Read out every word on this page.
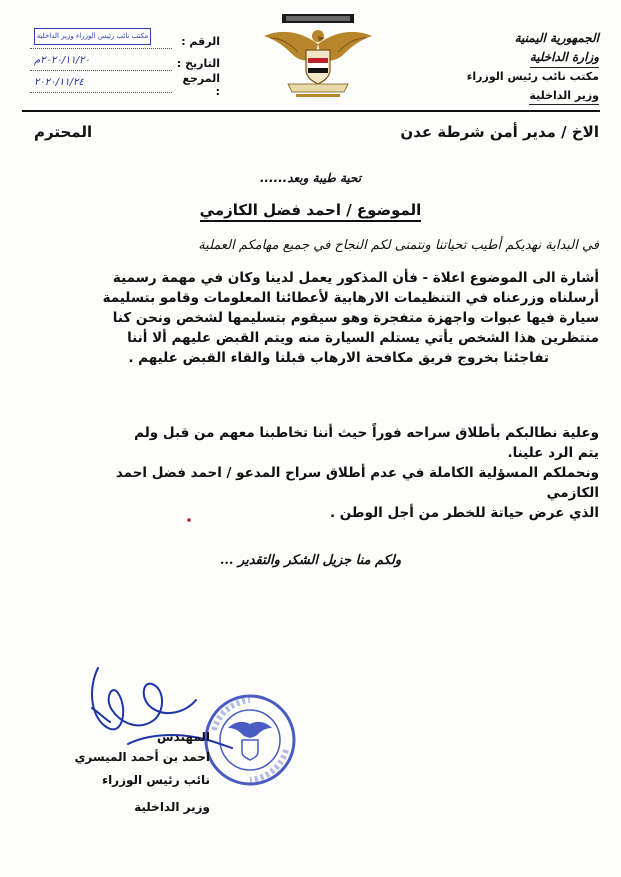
الجمهورية اليمنية
وزارة الداخلية
مكتب نائب رئيس الوزراء
وزير الداخلية
الرقم :
التاريخ :
٢٠٢٠/١١/٢٠م
المرجع :
٢٠٢٠/١١/٢٤
مكتب نائب رئيس الوزراء وزير الداخلية
الاخ / مدير أمن شرطة عدن
المحترم
تحية طيبة وبعد......
الموضوع / احمد فضل الكازمي
في البداية نهديكم أطيب تحياتنا ونتمنى لكم النجاح في جميع مهامكم العملية
أشارة الى الموضوع اعلاة - فأن المذكور يعمل لدينا وكان في مهمة رسمية
أرسلناه وزرعناه في التنظيمات الارهابية لأعطائنا المعلومات وقامو بتسليمة
سيارة فيها عبوات واجهزة متفجرة وهو سيقوم بتسليمها لشخص ونحن كنا
منتظرين هذا الشخص يأتي يستلم السيارة منه ويتم القبض عليهم ألا أننا
تفاجئنا بخروج فريق مكافحة الارهاب قبلنا والقاء القبض عليهم .
وعلية نطالبكم بأطلاق سراحه فوراً حيث أننا تخاطبنا معهم من قبل ولم
يتم الرد علينا.
ونحملكم المسؤلية الكاملة في عدم أطلاق سراح المدعو / احمد فضل احمد
الكازمي
الذي عرض حياتة للخطر من أجل الوطن .
ولكم منا جزيل الشكر والتقدير ...
المهندس
احمد بن أحمد الميسري
نائب رئيس الوزراء
وزير الداخلية
